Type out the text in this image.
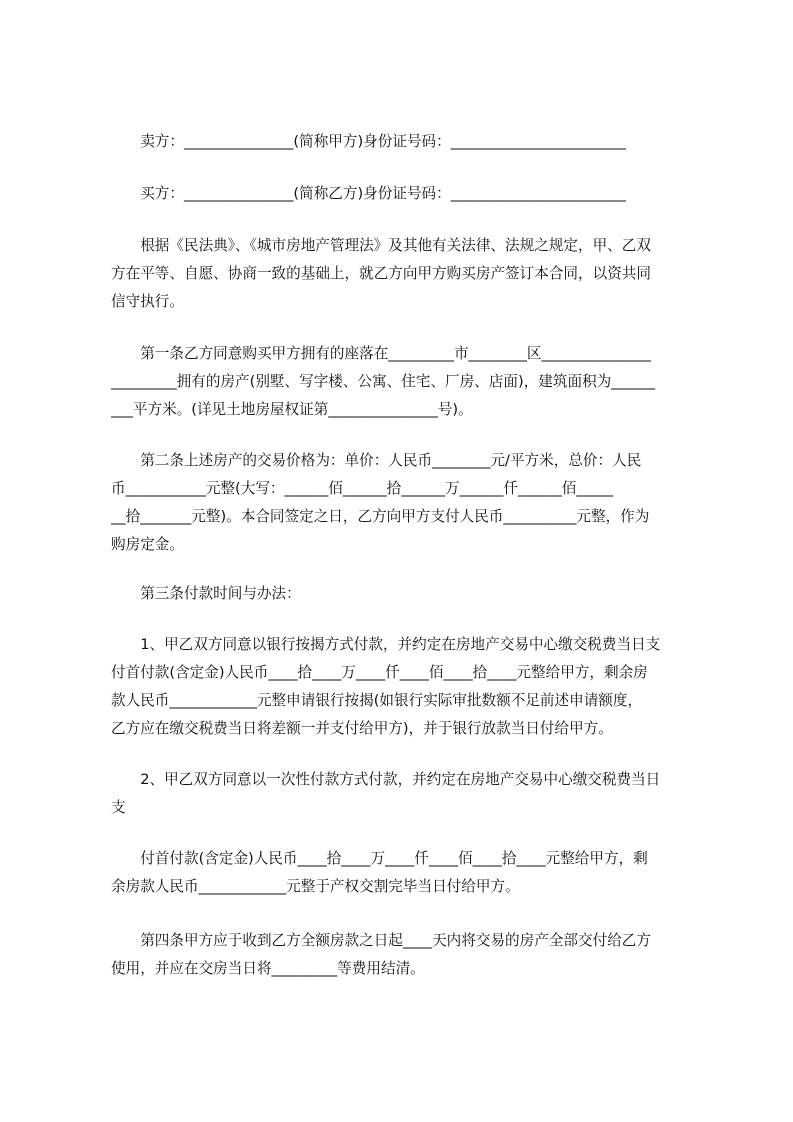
　　卖方：_______________(简称甲方)身份证号码：________________________
　　买方：_______________(简称乙方)身份证号码：________________________
　　根据《民法典》、《城市房地产管理法》及其他有关法律、法规之规定，甲、乙双
方在平等、自愿、协商一致的基础上，就乙方向甲方购买房产签订本合同，以资共同
信守执行。
　　第一条乙方同意购买甲方拥有的座落在_________市________区_______________
_________拥有的房产(别墅、写字楼、公寓、住宅、厂房、店面)，建筑面积为______
___平方米。(详见土地房屋权证第_______________号)。
　　第二条上述房产的交易价格为：单价：人民币________元/平方米，总价：人民
币___________元整(大写：______佰______拾______万______仟______佰_____
__拾_______元整)。本合同签定之日，乙方向甲方支付人民币__________元整，作为
购房定金。
　　第三条付款时间与办法：
　　1、甲乙双方同意以银行按揭方式付款，并约定在房地产交易中心缴交税费当日支
付首付款(含定金)人民币____拾____万____仟____佰____拾____元整给甲方，剩余房
款人民币____________元整申请银行按揭(如银行实际审批数额不足前述申请额度，
乙方应在缴交税费当日将差额一并支付给甲方)，并于银行放款当日付给甲方。
　　2、甲乙双方同意以一次性付款方式付款，并约定在房地产交易中心缴交税费当日
支
　　付首付款(含定金)人民币____拾____万____仟____佰____拾____元整给甲方，剩
余房款人民币____________元整于产权交割完毕当日付给甲方。
　　第四条甲方应于收到乙方全额房款之日起____天内将交易的房产全部交付给乙方
使用，并应在交房当日将_________等费用结清。
